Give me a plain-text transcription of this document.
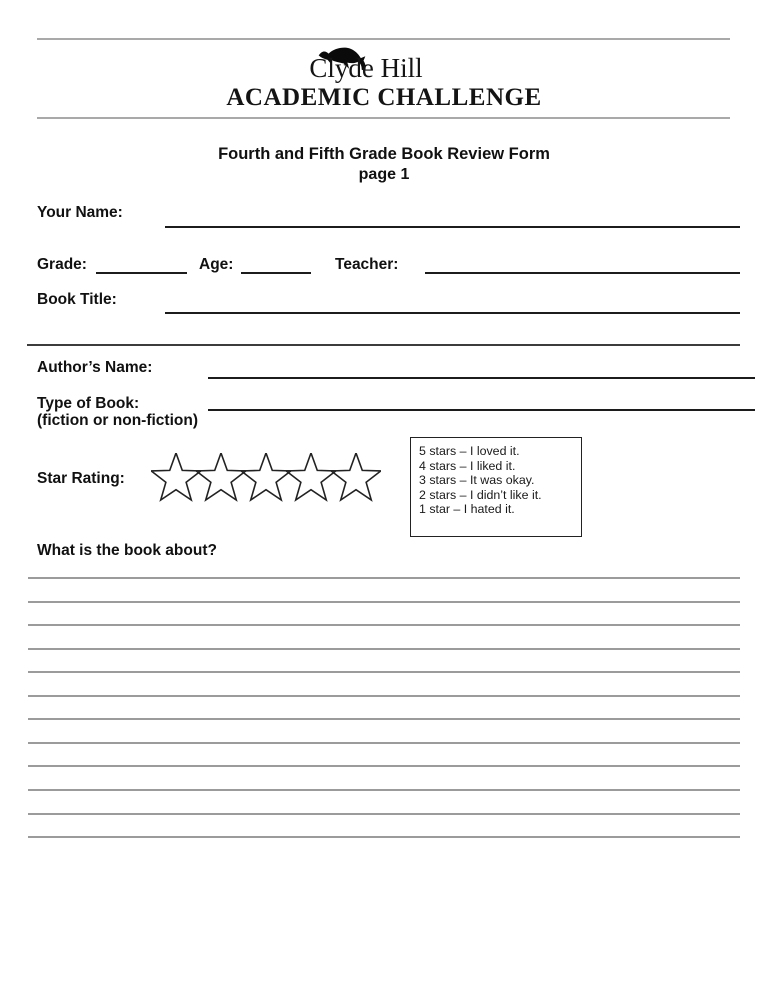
Clyde Hill
ACADEMIC CHALLENGE
Fourth and Fifth Grade Book Review Form
page 1
Your Name:
Grade:	Age:	Teacher:
Book Title:
Author’s Name:
Type of Book:
(fiction or non-fiction)
Star Rating:
5 stars – I loved it.
4 stars – I liked it.
3 stars – It was okay.
2 stars – I didn’t like it.
1 star – I hated it.
What is the book about?
